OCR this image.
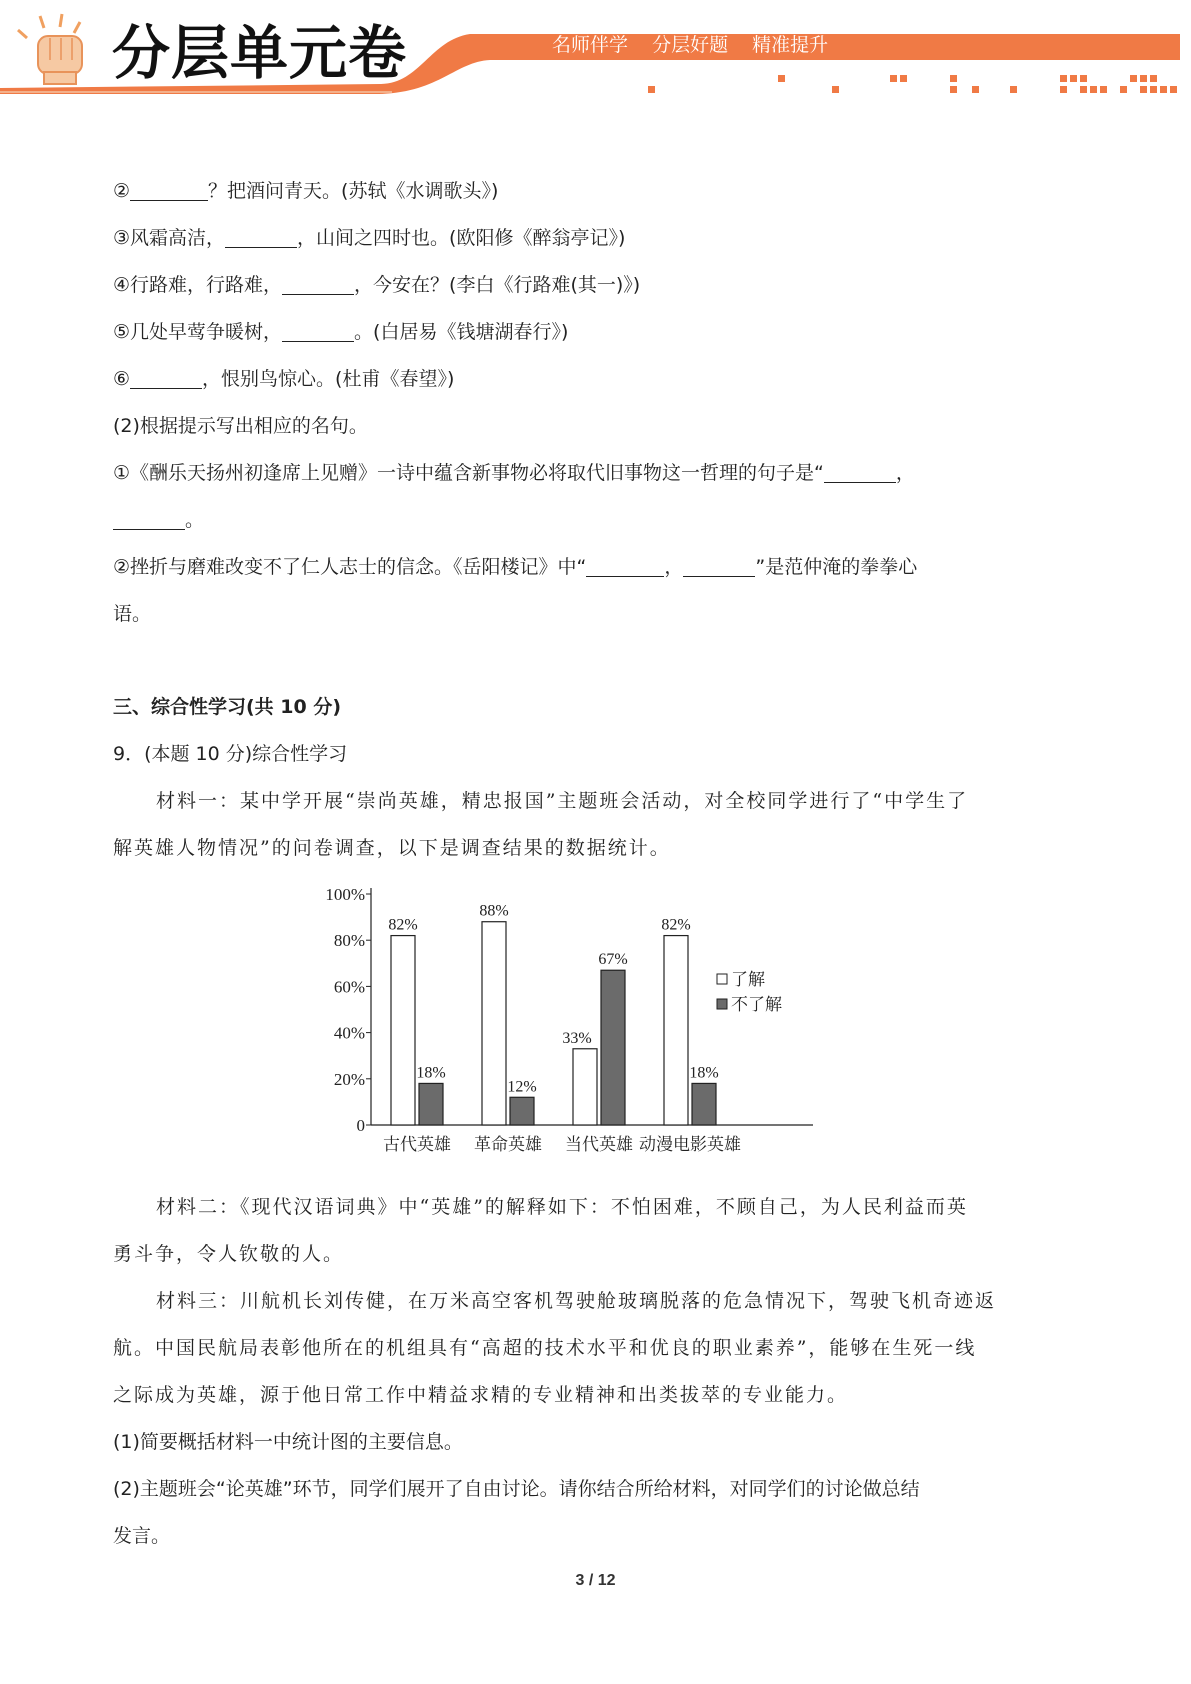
分层单元卷	名师伴学 分层好题 精准提升
②	？把酒问青天。(苏轼《水调歌头》)
③风霜高洁，	，山间之四时也。(欧阳修《醉翁亭记》)
④行路难，行路难，	，今安在？(李白《行路难(其一)》)
⑤几处早莺争暖树，	。(白居易《钱塘湖春行》)
⑥	，恨别鸟惊心。(杜甫《春望》)
(2)根据提示写出相应的名句。
①《酬乐天扬州初逢席上见赠》一诗中蕴含新事物必将取代旧事物这一哲理的句子是“	，
。
②挫折与磨难改变不了仁人志士的信念。《岳阳楼记》中“	，	”是范仲淹的拳拳心
语。
三、综合性学习(共 10 分)
9．(本题 10 分)综合性学习
材料一：某中学开展“崇尚英雄，精忠报国”主题班会活动，对全校同学进行了“中学生了
解英雄人物情况”的问卷调查，以下是调查结果的数据统计。
0
20%
40%
60%
80%
100%
82%
18%
古代英雄
88%
12%
革命英雄
33%
67%
当代英雄
82%
18%
动漫电影英雄
了解
不了解
材料二：《现代汉语词典》中“英雄”的解释如下：不怕困难，不顾自己，为人民利益而英
勇斗争，令人钦敬的人。
材料三：川航机长刘传健，在万米高空客机驾驶舱玻璃脱落的危急情况下，驾驶飞机奇迹返
航。中国民航局表彰他所在的机组具有“高超的技术水平和优良的职业素养”，能够在生死一线
之际成为英雄，源于他日常工作中精益求精的专业精神和出类拔萃的专业能力。
(1)简要概括材料一中统计图的主要信息。
(2)主题班会“论英雄”环节，同学们展开了自由讨论。请你结合所给材料，对同学们的讨论做总结
发言。
3 / 12
